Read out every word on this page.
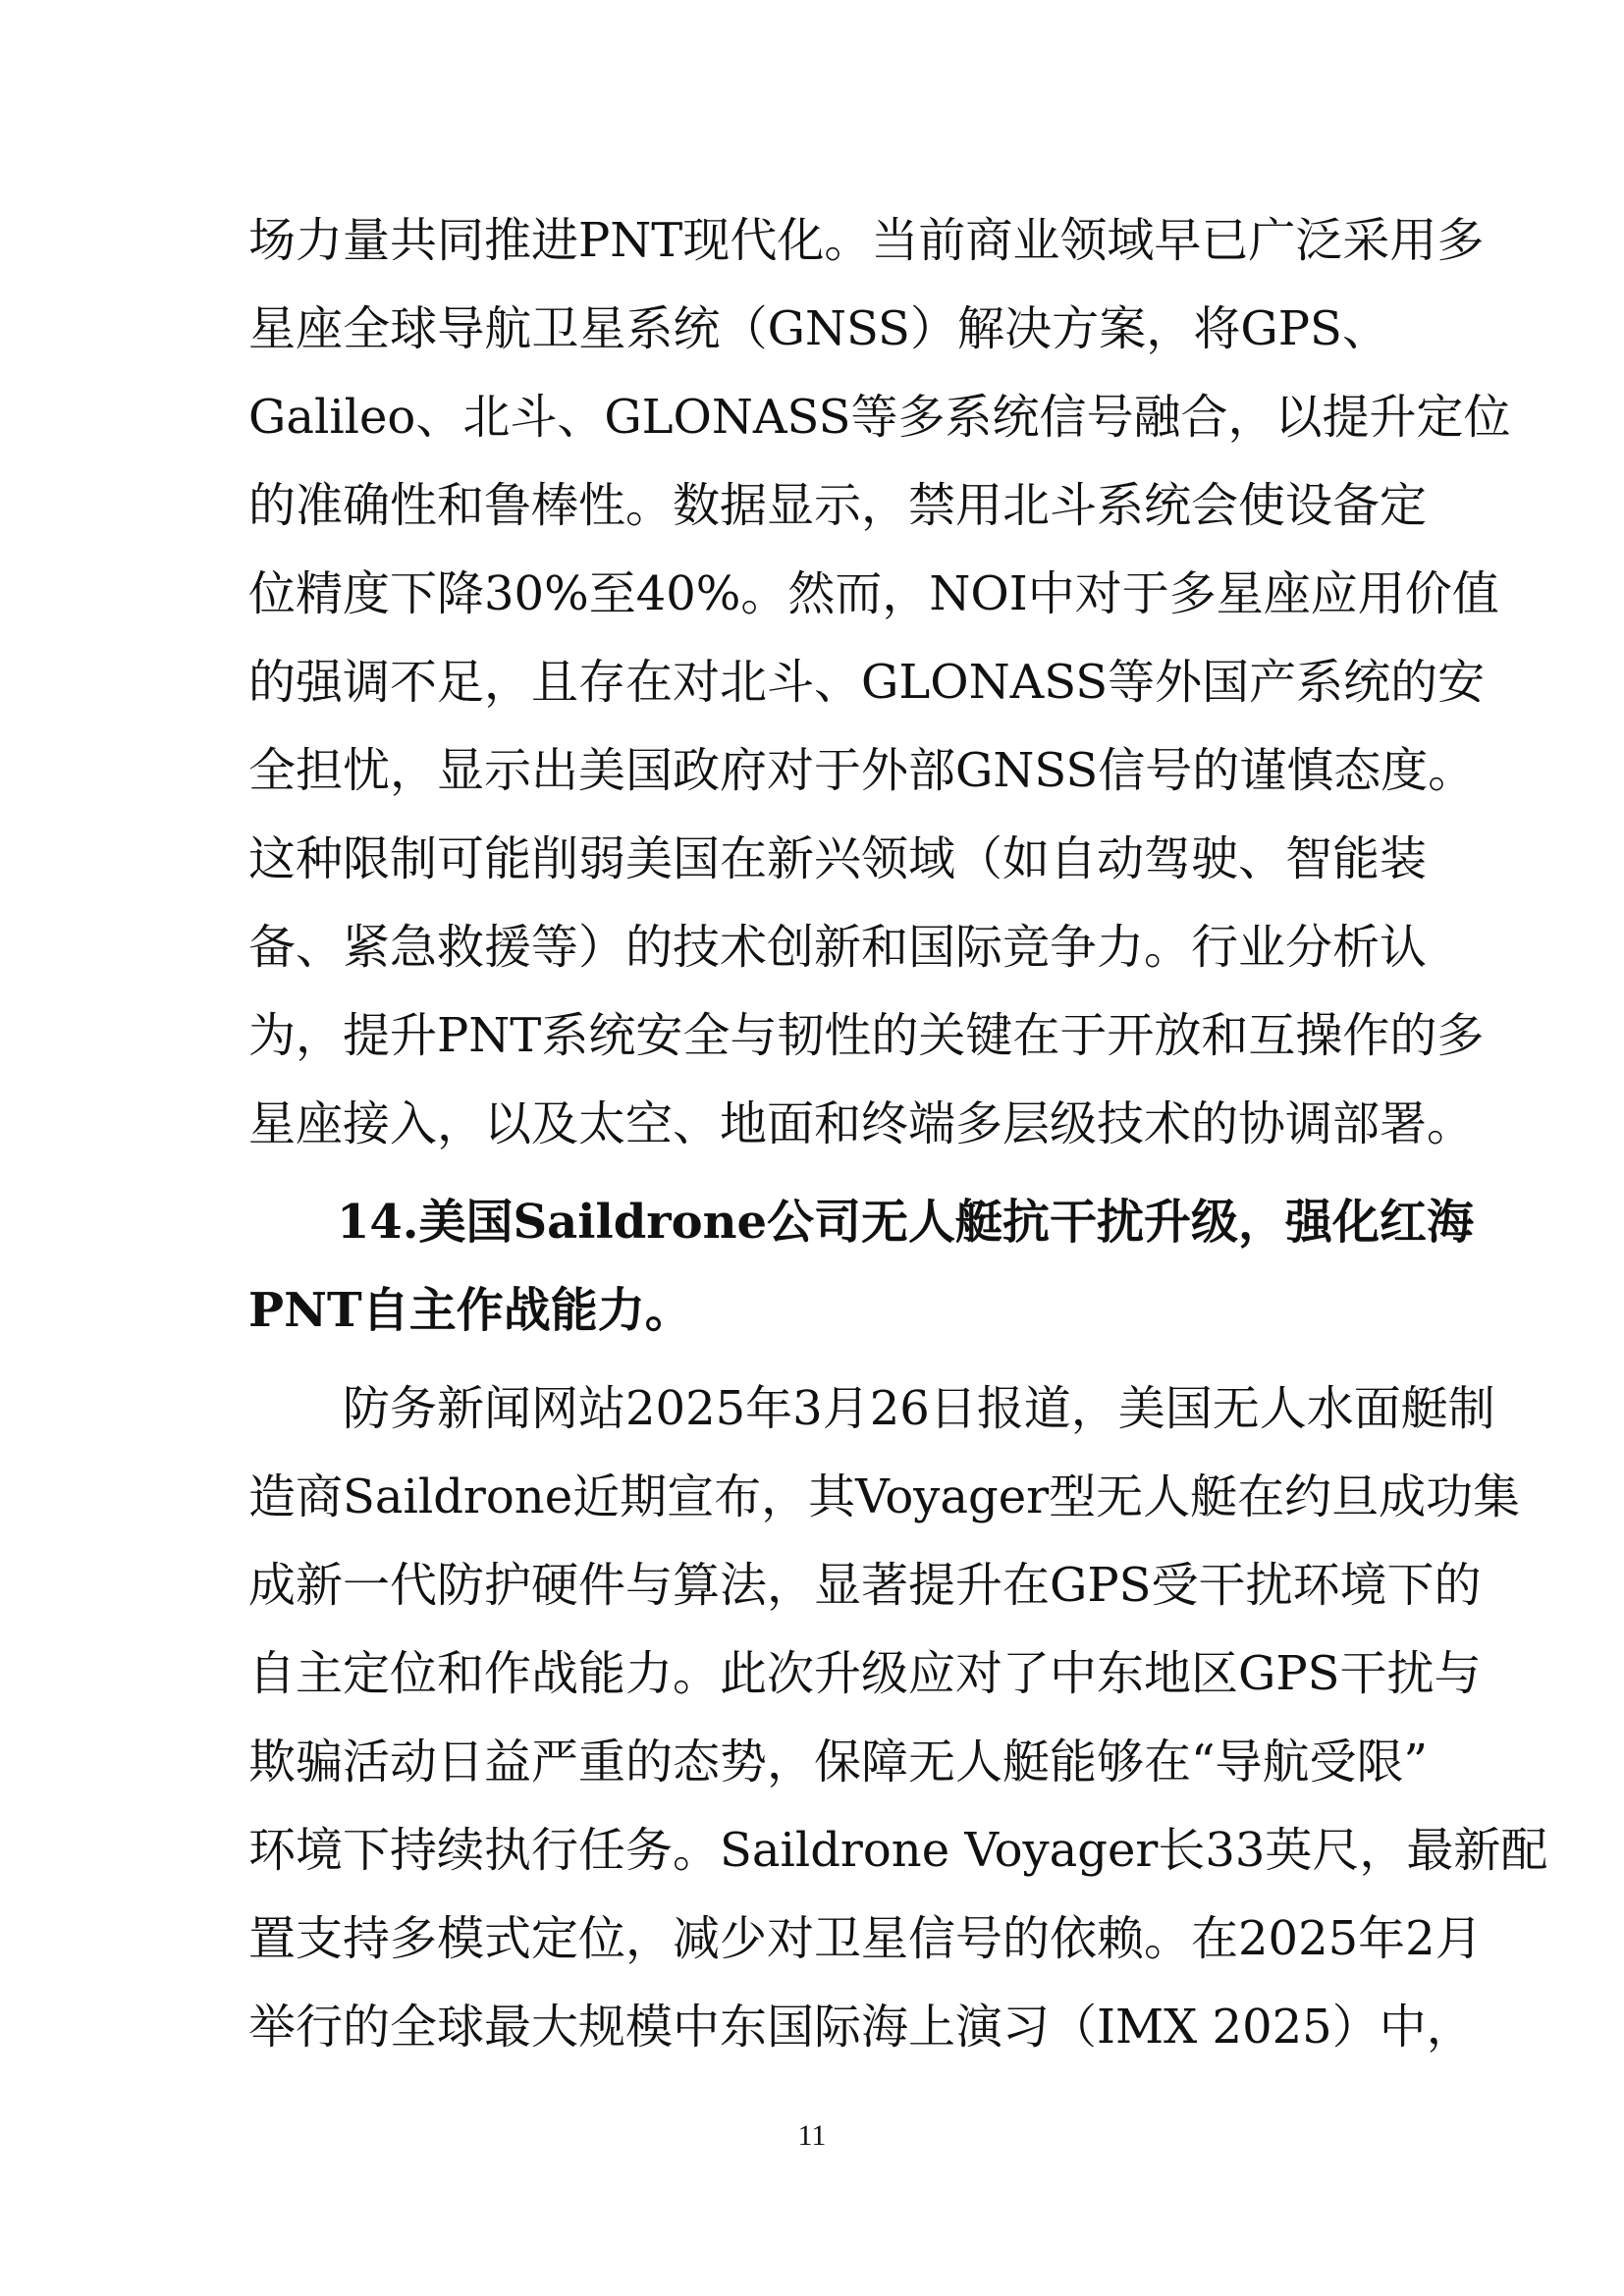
场力量共同推进PNT现代化。当前商业领域早已广泛采用多
星座全球导航卫星系统（GNSS）解决方案，将GPS、
Galileo、北斗、GLONASS等多系统信号融合，以提升定位
的准确性和鲁棒性。数据显示，禁用北斗系统会使设备定
位精度下降30%至40%。然而，NOI中对于多星座应用价值
的强调不足，且存在对北斗、GLONASS等外国产系统的安
全担忧，显示出美国政府对于外部GNSS信号的谨慎态度。
这种限制可能削弱美国在新兴领域（如自动驾驶、智能装
备、紧急救援等）的技术创新和国际竞争力。行业分析认
为，提升PNT系统安全与韧性的关键在于开放和互操作的多
星座接入，以及太空、地面和终端多层级技术的协调部署。
14.美国Saildrone公司无人艇抗干扰升级，强化红海
PNT自主作战能力。
防务新闻网站2025年3月26日报道，美国无人水面艇制
造商Saildrone近期宣布，其Voyager型无人艇在约旦成功集
成新一代防护硬件与算法，显著提升在GPS受干扰环境下的
自主定位和作战能力。此次升级应对了中东地区GPS干扰与
欺骗活动日益严重的态势，保障无人艇能够在“导航受限”
环境下持续执行任务。Saildrone Voyager长33英尺，最新配
置支持多模式定位，减少对卫星信号的依赖。在2025年2月
举行的全球最大规模中东国际海上演习（IMX 2025）中，
11
